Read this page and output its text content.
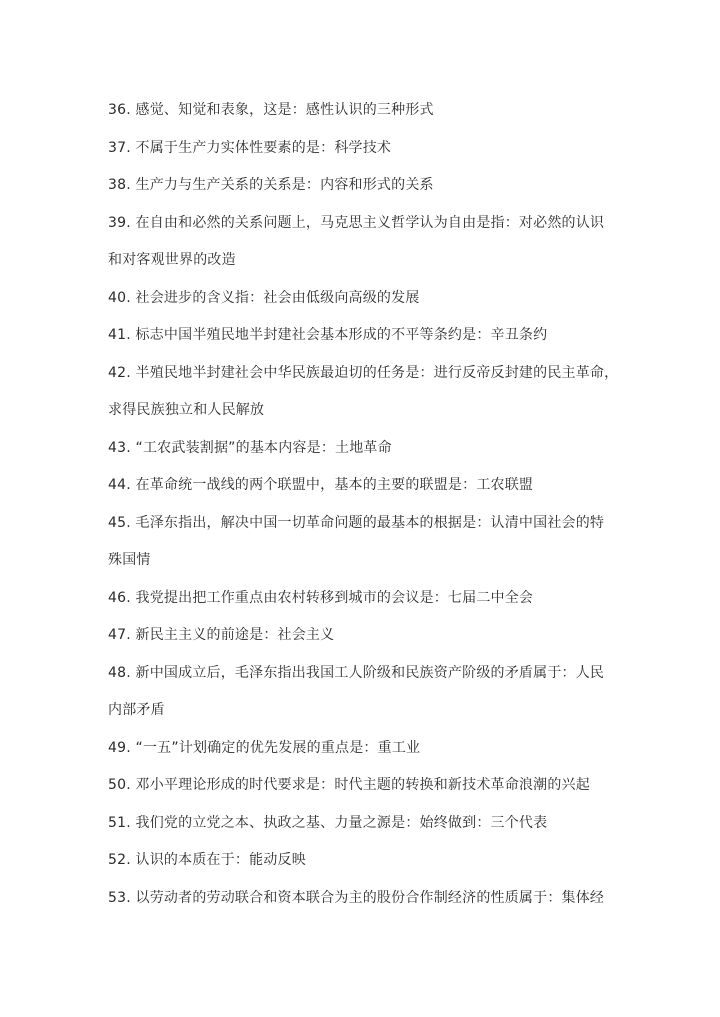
36. 感觉、知觉和表象，这是：感性认识的三种形式

37. 不属于生产力实体性要素的是：科学技术

38. 生产力与生产关系的关系是：内容和形式的关系

39. 在自由和必然的关系问题上，马克思主义哲学认为自由是指：对必然的认识

和对客观世界的改造

40. 社会进步的含义指：社会由低级向高级的发展

41. 标志中国半殖民地半封建社会基本形成的不平等条约是：辛丑条约

42. 半殖民地半封建社会中华民族最迫切的任务是：进行反帝反封建的民主革命，

求得民族独立和人民解放

43. “工农武装割据”的基本内容是：土地革命

44. 在革命统一战线的两个联盟中，基本的主要的联盟是：工农联盟

45. 毛泽东指出，解决中国一切革命问题的最基本的根据是：认清中国社会的特

殊国情

46. 我党提出把工作重点由农村转移到城市的会议是：七届二中全会

47. 新民主主义的前途是：社会主义

48. 新中国成立后，毛泽东指出我国工人阶级和民族资产阶级的矛盾属于：人民

内部矛盾

49. “一五”计划确定的优先发展的重点是：重工业

50. 邓小平理论形成的时代要求是：时代主题的转换和新技术革命浪潮的兴起

51. 我们党的立党之本、执政之基、力量之源是：始终做到：三个代表

52. 认识的本质在于：能动反映

53. 以劳动者的劳动联合和资本联合为主的股份合作制经济的性质属于：集体经
